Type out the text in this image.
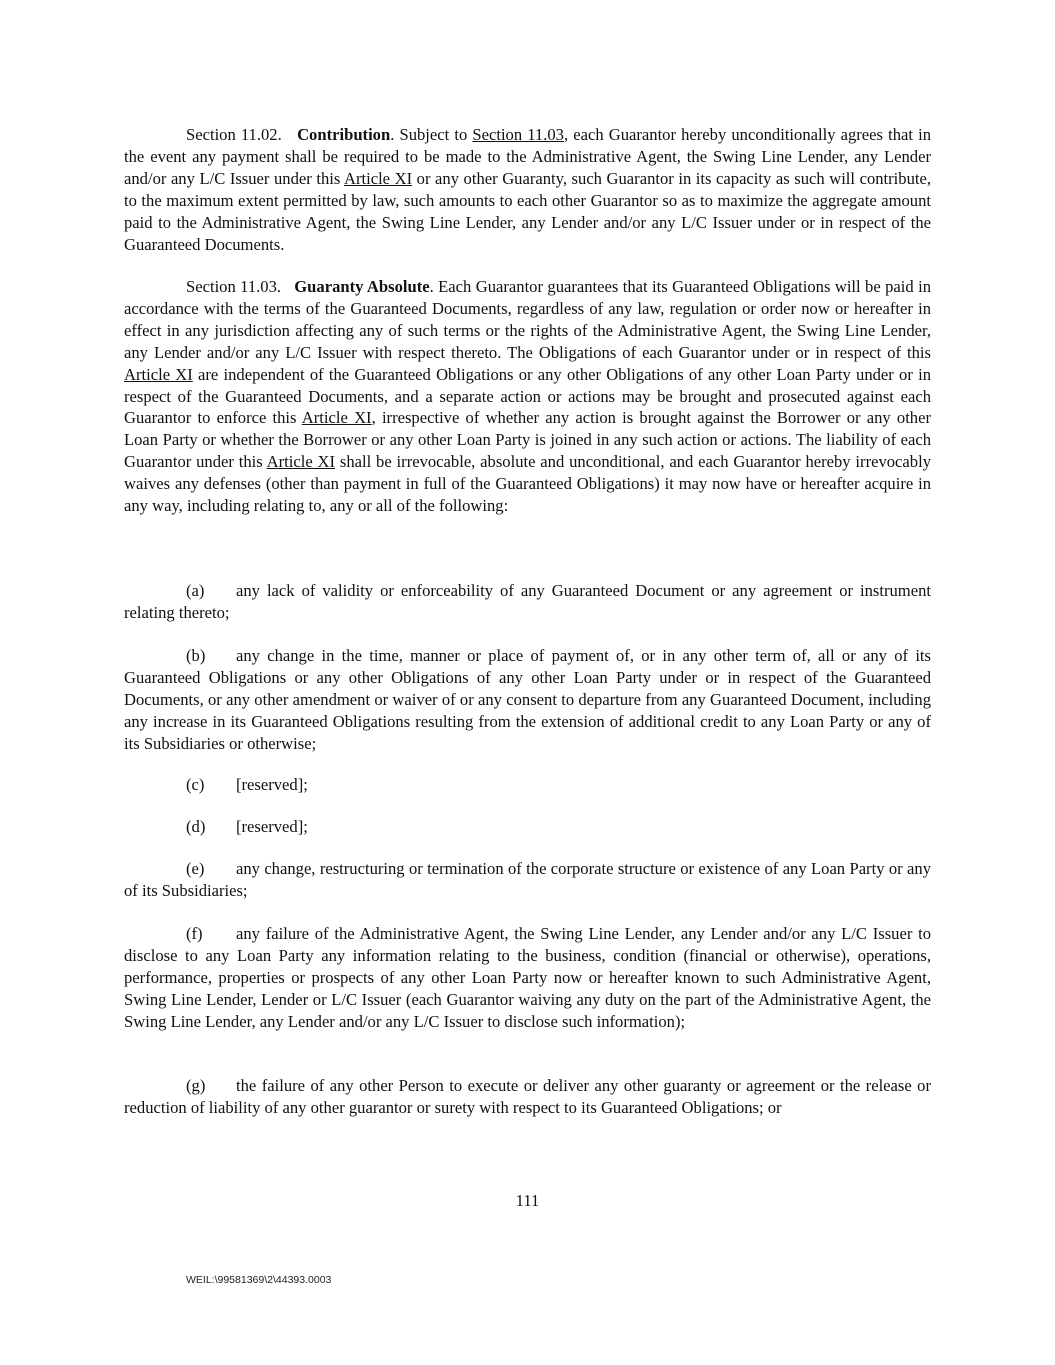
Section 11.02. Contribution. Subject to Section 11.03, each Guarantor hereby unconditionally agrees that in the event any payment shall be required to be made to the Administrative Agent, the Swing Line Lender, any Lender and/or any L/C Issuer under this Article XI or any other Guaranty, such Guarantor in its capacity as such will contribute, to the maximum extent permitted by law, such amounts to each other Guarantor so as to maximize the aggregate amount paid to the Administrative Agent, the Swing Line Lender, any Lender and/or any L/C Issuer under or in respect of the Guaranteed Documents.

Section 11.03. Guaranty Absolute. Each Guarantor guarantees that its Guaranteed Obligations will be paid in accordance with the terms of the Guaranteed Documents, regardless of any law, regulation or order now or hereafter in effect in any jurisdiction affecting any of such terms or the rights of the Administrative Agent, the Swing Line Lender, any Lender and/or any L/C Issuer with respect thereto. The Obligations of each Guarantor under or in respect of this Article XI are independent of the Guaranteed Obligations or any other Obligations of any other Loan Party under or in respect of the Guaranteed Documents, and a separate action or actions may be brought and prosecuted against each Guarantor to enforce this Article XI, irrespective of whether any action is brought against the Borrower or any other Loan Party or whether the Borrower or any other Loan Party is joined in any such action or actions. The liability of each Guarantor under this Article XI shall be irrevocable, absolute and unconditional, and each Guarantor hereby irrevocably waives any defenses (other than payment in full of the Guaranteed Obligations) it may now have or hereafter acquire in any way, including relating to, any or all of the following:

(a) any lack of validity or enforceability of any Guaranteed Document or any agreement or instrument relating thereto;

(b) any change in the time, manner or place of payment of, or in any other term of, all or any of its Guaranteed Obligations or any other Obligations of any other Loan Party under or in respect of the Guaranteed Documents, or any other amendment or waiver of or any consent to departure from any Guaranteed Document, including any increase in its Guaranteed Obligations resulting from the extension of additional credit to any Loan Party or any of its Subsidiaries or otherwise;

(c) [reserved];

(d) [reserved];

(e) any change, restructuring or termination of the corporate structure or existence of any Loan Party or any of its Subsidiaries;

(f) any failure of the Administrative Agent, the Swing Line Lender, any Lender and/or any L/C Issuer to disclose to any Loan Party any information relating to the business, condition (financial or otherwise), operations, performance, properties or prospects of any other Loan Party now or hereafter known to such Administrative Agent, Swing Line Lender, Lender or L/C Issuer (each Guarantor waiving any duty on the part of the Administrative Agent, the Swing Line Lender, any Lender and/or any L/C Issuer to disclose such information);

(g) the failure of any other Person to execute or deliver any other guaranty or agreement or the release or reduction of liability of any other guarantor or surety with respect to its Guaranteed Obligations; or

111
WEIL:\99581369\2\44393.0003
